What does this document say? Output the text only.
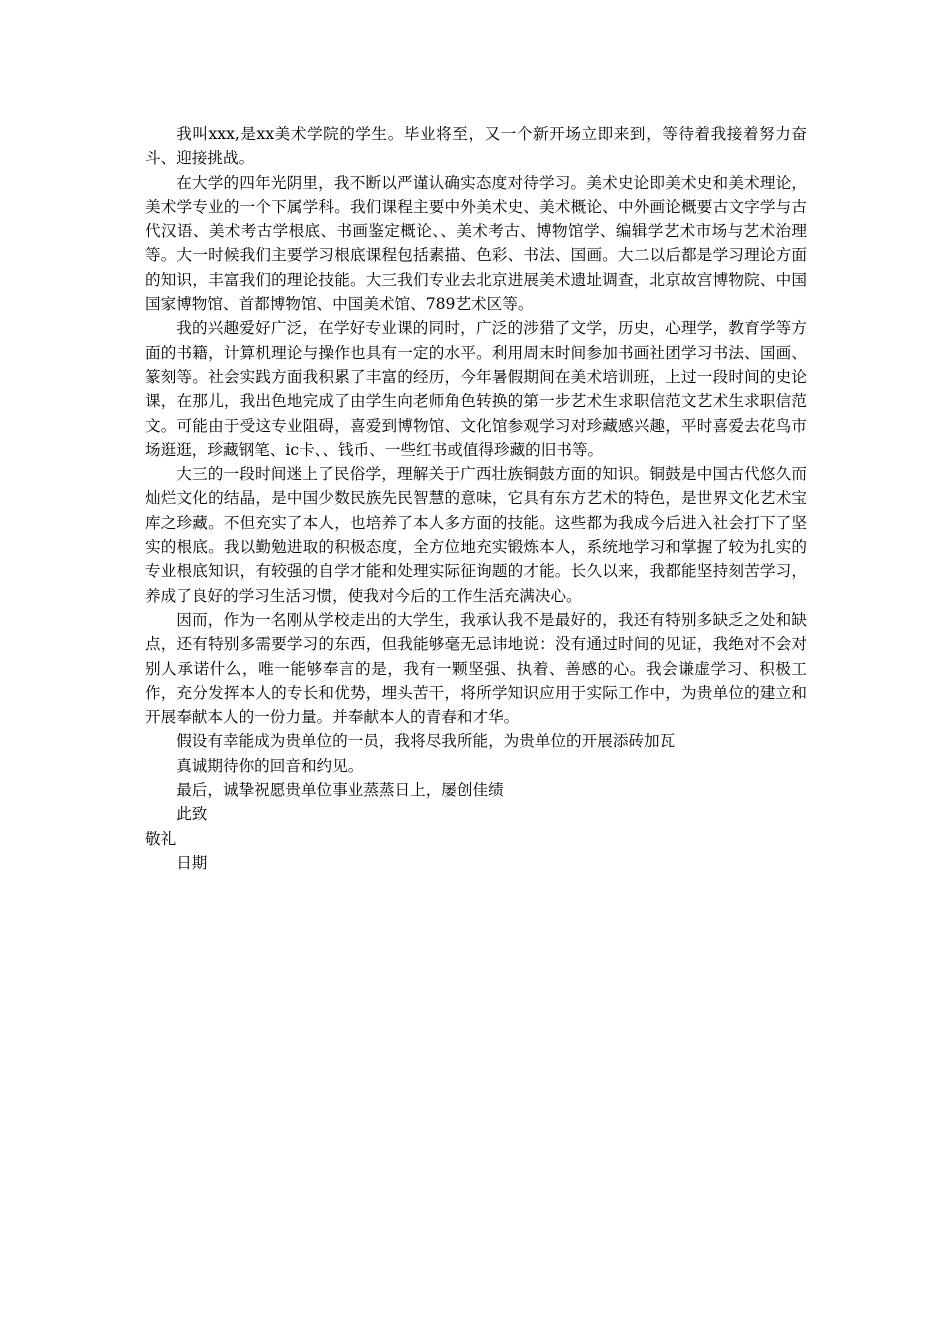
我叫xxx,是xx美术学院的学生。毕业将至，又一个新开场立即来到，等待着我接着努力奋斗、迎接挑战。

在大学的四年光阴里，我不断以严谨认确实态度对待学习。美术史论即美术史和美术理论，美术学专业的一个下属学科。我们课程主要中外美术史、美术概论、中外画论概要古文字学与古代汉语、美术考古学根底、书画鉴定概论、、美术考古、博物馆学、编辑学艺术市场与艺术治理等。大一时候我们主要学习根底课程包括素描、色彩、书法、国画。大二以后都是学习理论方面的知识，丰富我们的理论技能。大三我们专业去北京进展美术遗址调查，北京故宫博物院、中国国家博物馆、首都博物馆、中国美术馆、789艺术区等。

我的兴趣爱好广泛，在学好专业课的同时，广泛的涉猎了文学，历史，心理学，教育学等方面的书籍，计算机理论与操作也具有一定的水平。利用周末时间参加书画社团学习书法、国画、篆刻等。社会实践方面我积累了丰富的经历，今年暑假期间在美术培训班，上过一段时间的史论课，在那儿，我出色地完成了由学生向老师角色转换的第一步艺术生求职信范文艺术生求职信范文。可能由于受这专业阻碍，喜爱到博物馆、文化馆参观学习对珍藏感兴趣，平时喜爱去花鸟市场逛逛，珍藏钢笔、ic卡、、钱币、一些红书或值得珍藏的旧书等。

大三的一段时间迷上了民俗学，理解关于广西壮族铜鼓方面的知识。铜鼓是中国古代悠久而灿烂文化的结晶，是中国少数民族先民智慧的意味，它具有东方艺术的特色，是世界文化艺术宝库之珍藏。不但充实了本人，也培养了本人多方面的技能。这些都为我成今后进入社会打下了坚实的根底。我以勤勉进取的积极态度，全方位地充实锻炼本人，系统地学习和掌握了较为扎实的专业根底知识，有较强的自学才能和处理实际征询题的才能。长久以来，我都能坚持刻苦学习，养成了良好的学习生活习惯，使我对今后的工作生活充满决心。

因而，作为一名刚从学校走出的大学生，我承认我不是最好的，我还有特别多缺乏之处和缺点，还有特别多需要学习的东西，但我能够毫无忌讳地说：没有通过时间的见证，我绝对不会对别人承诺什么，唯一能够奉言的是，我有一颗坚强、执着、善感的心。我会谦虚学习、积极工作，充分发挥本人的专长和优势，埋头苦干，将所学知识应用于实际工作中，为贵单位的建立和开展奉献本人的一份力量。并奉献本人的青春和才华。

假设有幸能成为贵单位的一员，我将尽我所能，为贵单位的开展添砖加瓦

真诚期待你的回音和约见。

最后，诚挚祝愿贵单位事业蒸蒸日上，屡创佳绩

此致

敬礼

日期
